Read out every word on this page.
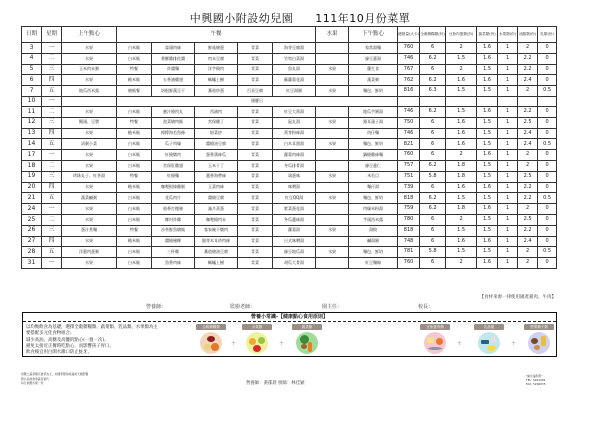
中興國小附設幼兒園 111年10月份菜單
日期	星期	上午點心	午餐					水果	下午點心	總熱量(大卡)	全穀雜糧類(份)	豆魚肉蛋類(份)	蔬菜類(份)	水果類(份)	油脂類(份)	乳類(份)
3	一	水果	白米飯	蒜頭肉絲	鮮菇燴蛋	青菜	海芽豆腐湯		家常湯麵	760	6	2	1.6	1	2	0
4	二	水果	白米飯	香酥雞排佐醬	肉末豆腐	青菜	竹筍白菜湯		綠豆薏湯	746	6.2	1.5	1.6	1	2.2	0
5	三	玉米肉末粥	特餐	炸醬麵	洋芋燒肉	青菜	魚丸湯	水果	蘿生食	767	6	2	1.5	1	2.2	0
6	四	水果	糙米飯	五香滷雞翅	螞蟻上樹	青菜	蘇蘿蔔花湯		蔬菜粥	762	6.2	1.6	1.6	1	2.4	0
7	五	地瓜西米露	燴飯餐	培根鮮蔬豆干	蕃茄炒蛋	百頁豆腐	紅豆湯圓	水果	麵包、鮮奶	816	6.3	1.5	1.5	1	2	0.5
10	一		國慶日													
11	二	水果	白米飯	蜜汁燒肉丸	西滷肉	青菜	紅豆大黃湯		地瓜芋圓湯	746	6.2	1.5	1.6	1	2.2	0
12	三	饅頭、豆漿	特餐	泡菜燴肉飯	宮保雞丁	青菜	鼠丸湯	水果	銀耳蓮子湯	750	6	1.6	1.5	1	2.5	0
13	四	水果	糙米飯	檸檬海苔魚條	紹菜炒	青菜	黃芽粉絲湯		筒仔麵	746	6	1.6	1.5	1	2.4	0
14	五	清粥小菜	白米飯	瓜子肉燥	醬燒油豆腐	青菜	白木耳甜湯	水果	麵包、鮮奶	821	6	1.6	1.5	1	2.4	0.5
17	一	水果	白米飯	紅燒燉肉	蛋香蒲絲瓜	青菜	蘿蔔肉絲湯		鍋燒雞絲麵	760	6	2	1.6	1	2	0
18	二	水果	白米飯	宮保肛雞翅	玉米干丁	青菜	冬瓜排骨湯		綠豆薏仁	757	6.2	1.8	1.5	1	2	0
19	三	珍珠丸子、紅茶湯	特餐	紅燒麵	薑香海帶絲	青菜	鴿蛋味	水果	米苔目	751	5.8	1.8	1.5	1	2.5	0
20	四	水果	糙米飯	咖哩根榛雞腿	玉菜肉絲	青菜	味噌湯		麵仔湯	739	6	1.6	1.6	1	2.2	0
21	五	蔬菜鹹粥	白米飯	花瓜肉片	醬燒豆腐	青菜	紅豆QQ湯	水果	麵包、鮮奶	818	6.2	1.5	1.5	1	2.2	0.5
24	一	水果	白米飯	茄香打拋豬	滿月蒸蛋	青菜	紫菜蛋花湯		肉燥米粉湯	759	6.2	1.8	1.6	1	2	0
25	二	水果	白米飯	鄉村炸雞	咖哩燒肉末	青菜	冬瓜薑絲湯		芋頭西米露	780	6	2	1.5	1	2.5	0
26	三	蛋汁煮麵	特餐	沙茶鮮魚燴飯	客家碗干燉肉	青菜	蘿蔔湯	水果	湯餃	818	6	1.5	1.5	1	2.2	0
27	四	水果	糙米飯	醬燒豬柳	銀芽木耳炒肉絲	青菜	日式味噌湯		鹹湯圓	748	6	1.6	1.6	1	2.4	0
28	五	洋蔥肉蛋粥	白米飯	三杯雞	蕃茄燴油豆腐	青菜	綠豆地瓜湯	水果	麵包、鮮奶	781	5.8	1.5	1.5	1	2	0.5
31	一	水果	白米飯	魚香肉絲	螞蟻上樹	青菜	胡瓜大骨湯		紅豆麵線	760	6	2	1.6	1	2	0
【食材來源一律使用國產豬肉、牛肉】
營養師：	監廚老師：	園主任：	校長：
營養小常識-【健康點心食用原則】
以均衡飲食為基礎，選擇全穀雜糧類、蔬菜類、乳品類、水果類為主
要搭配多元化食物組合。
減少高油、高糖及高鹽的點心(一週一次)。
避免太接近正餐時吃點心，而影響孩子胃口。
飲食後宜用白開水漱口防止蛀牙。
全穀雜糧類
+
水果類
+
蔬菜類	豆魚蛋肉類
+
乳品類
+
堅果種子類
供應之蔬菜類以當季為主，如遇季節性時蔬或天候影響
將以其他當季蔬菜替代
每日供應水果一份	營養師：黃郁晨 廚師：林佳穎
"衛生福利部"
TEL: 5264439
FAX: 5296035
